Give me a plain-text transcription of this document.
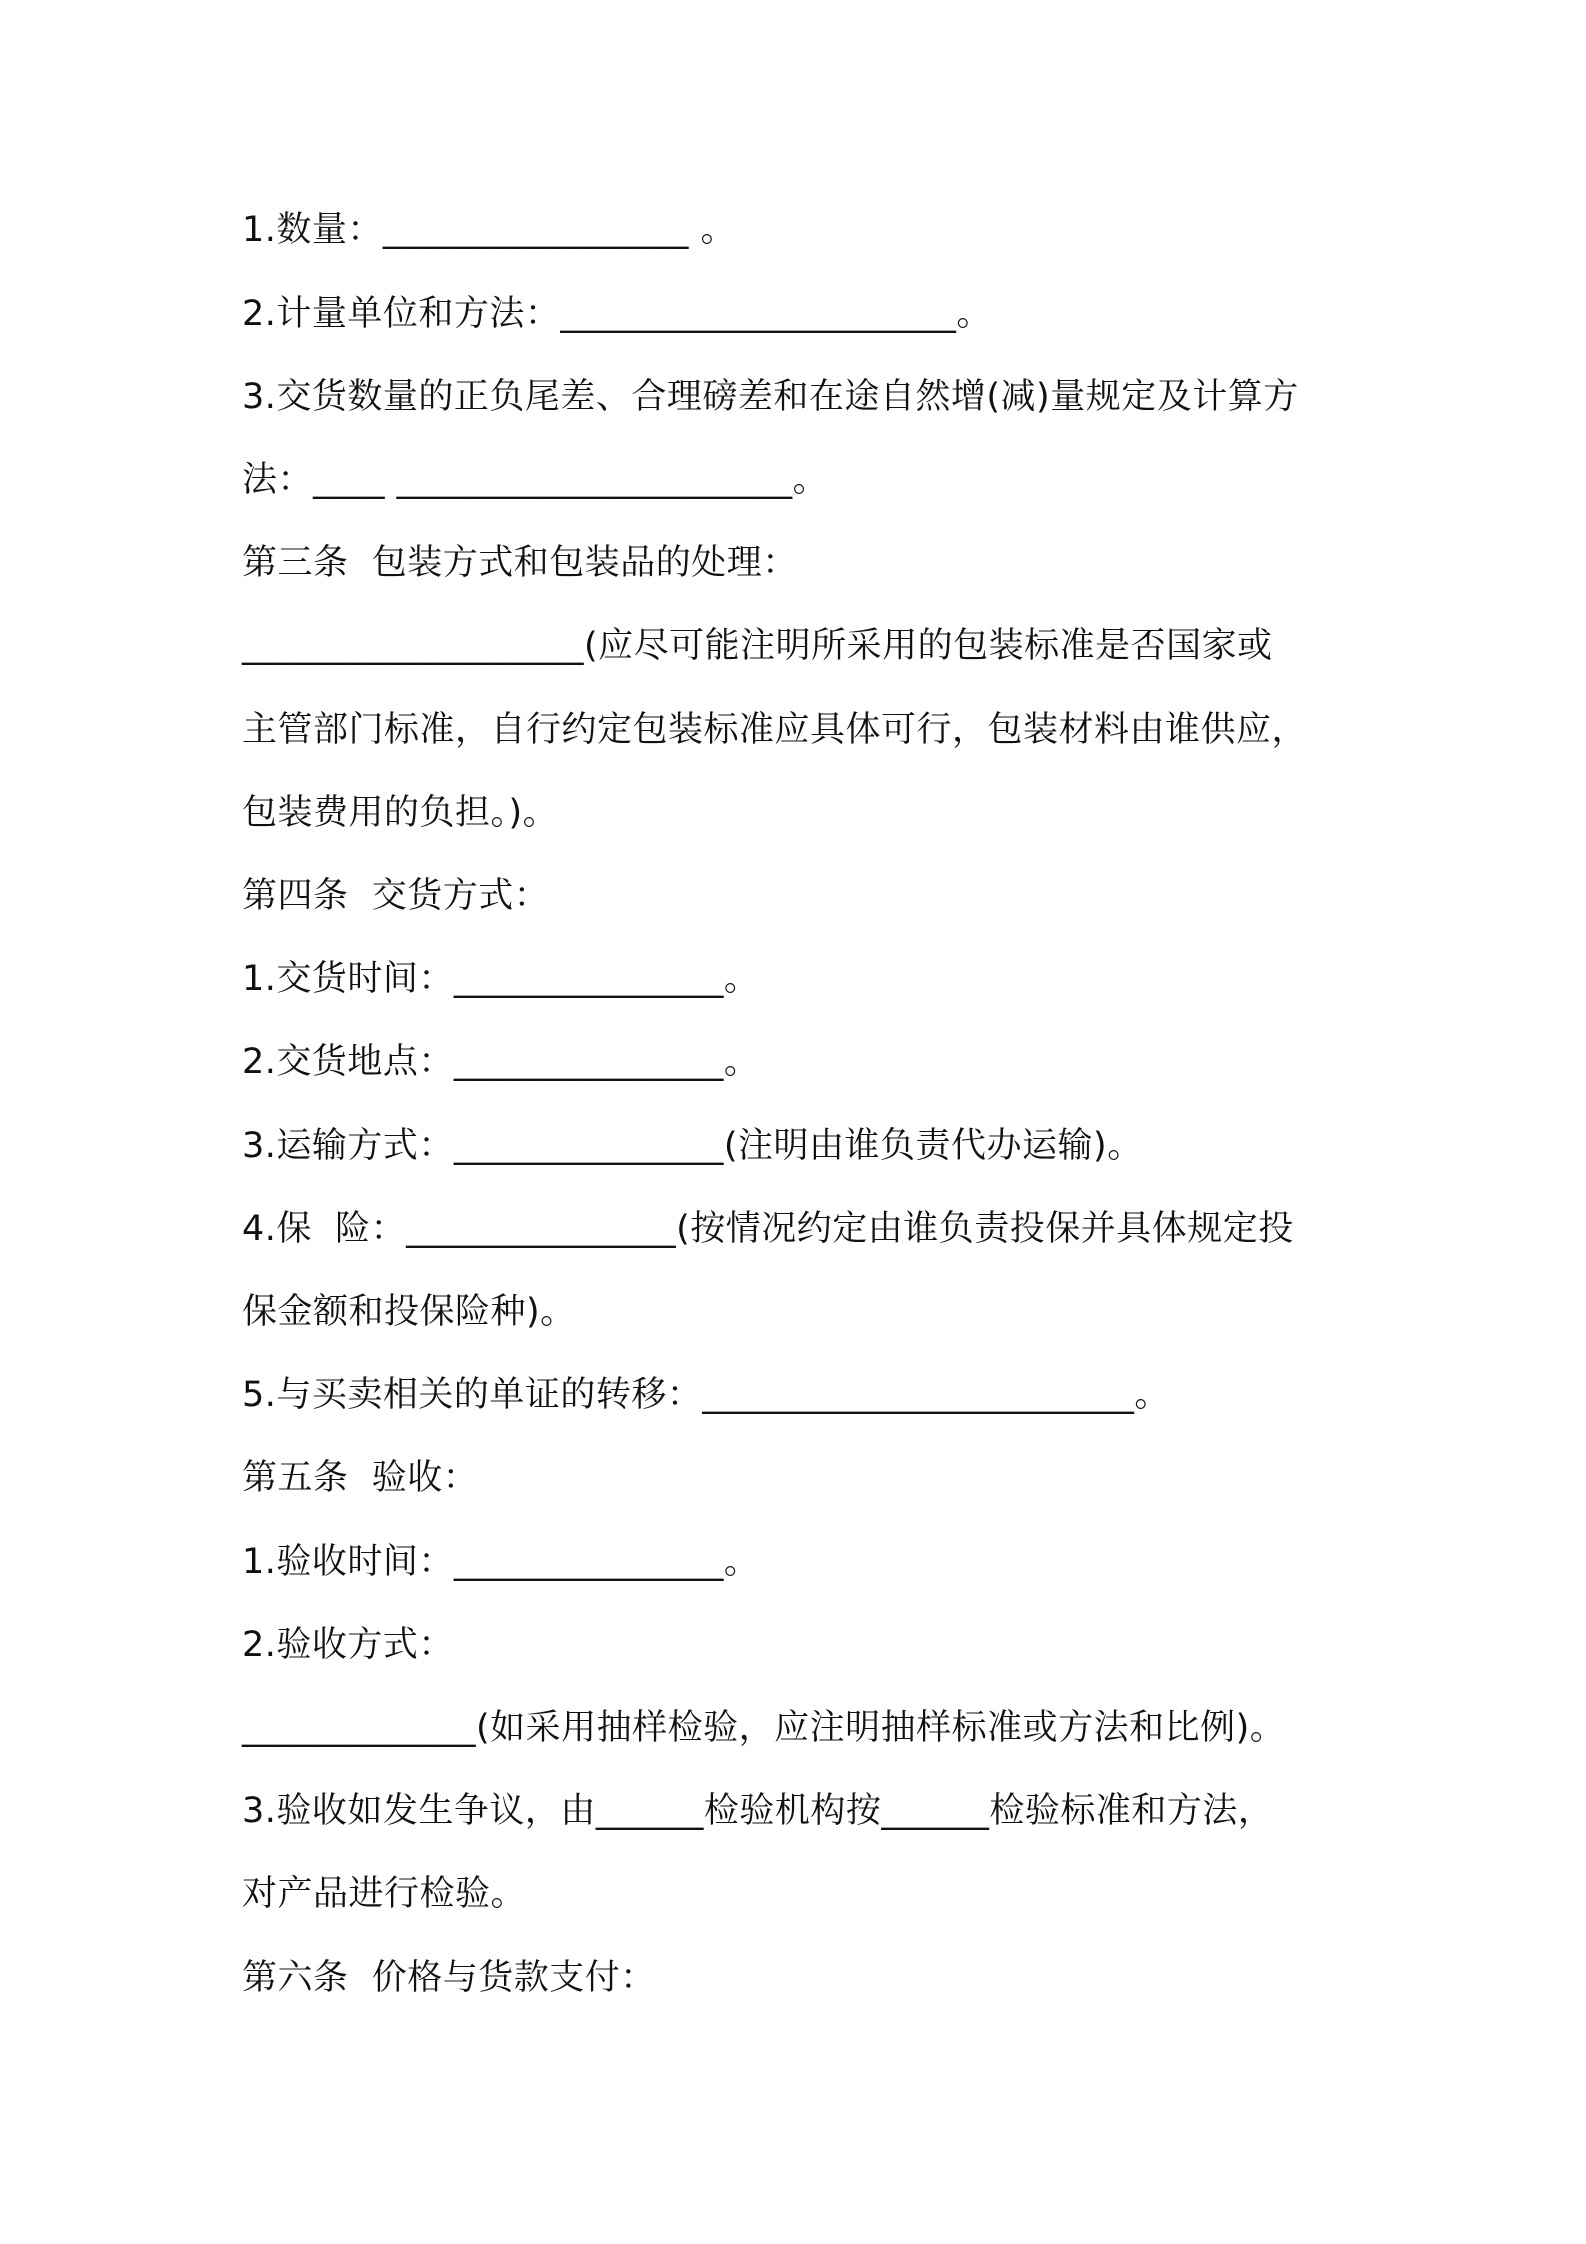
1.数量：_________________ 。
2.计量单位和方法：______________________。
3.交货数量的正负尾差、合理磅差和在途自然增(减)量规定及计算方
法：____ ______________________。
第三条  包装方式和包装品的处理：
___________________(应尽可能注明所采用的包装标准是否国家或
主管部门标准，自行约定包装标准应具体可行，包装材料由谁供应，
包装费用的负担。)。
第四条  交货方式：
1.交货时间：_______________。
2.交货地点：_______________。
3.运输方式：_______________(注明由谁负责代办运输)。
4.保  险：_______________(按情况约定由谁负责投保并具体规定投
保金额和投保险种)。
5.与买卖相关的单证的转移：________________________。
第五条  验收：
1.验收时间：_______________。
2.验收方式：
_____________(如采用抽样检验，应注明抽样标准或方法和比例)。
3.验收如发生争议，由______检验机构按______检验标准和方法，
对产品进行检验。
第六条  价格与货款支付：
